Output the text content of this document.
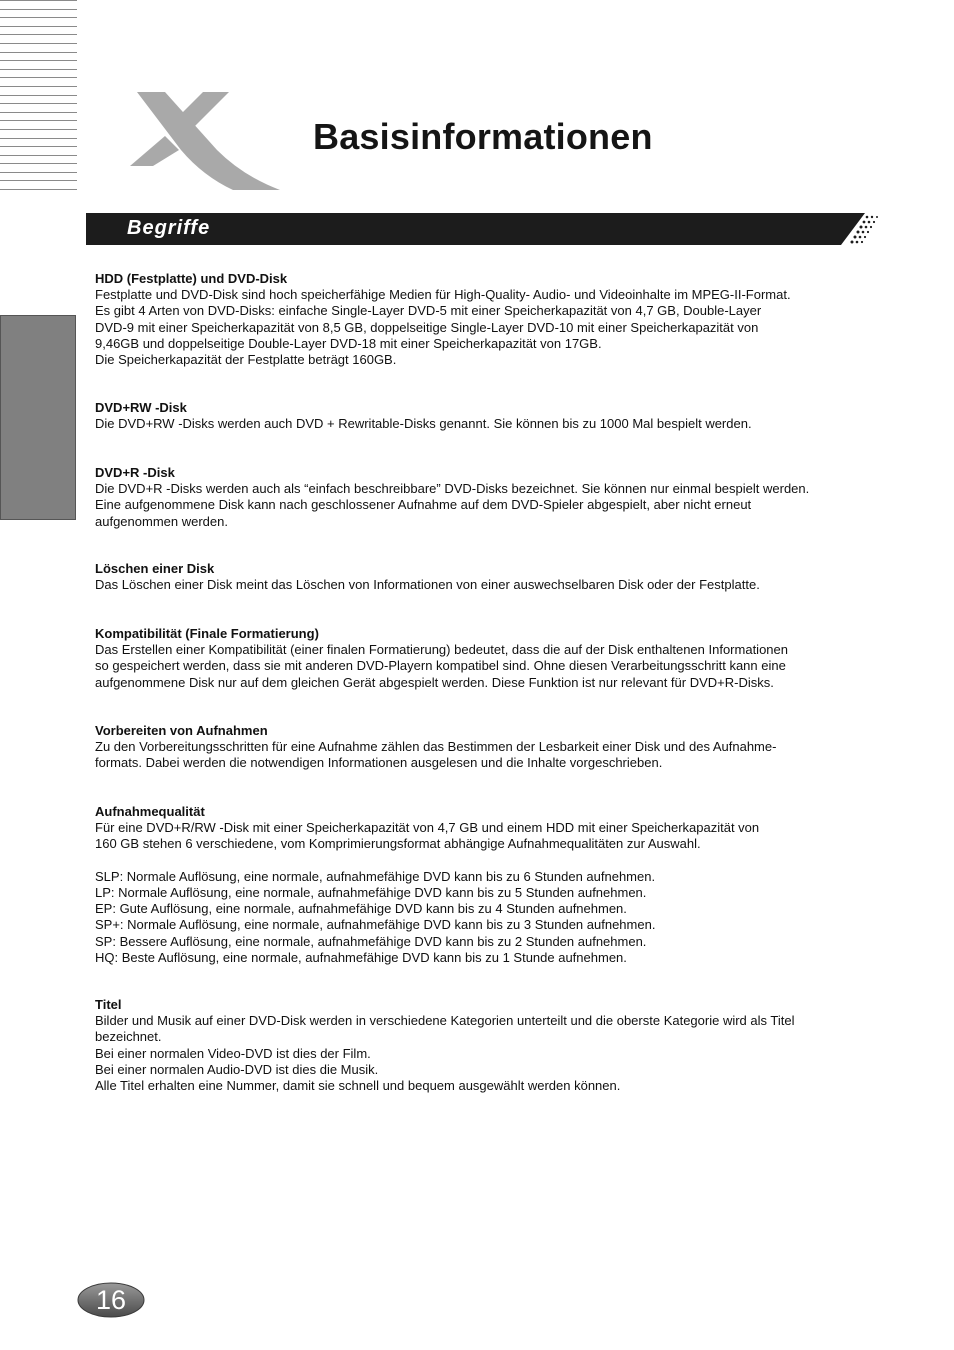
Basisinformationen
Begriffe
HDD (Festplatte) und DVD-Disk
Festplatte und DVD-Disk sind hoch speicherfähige Medien für High-Quality- Audio- und Videoinhalte im MPEG-II-Format.
Es gibt 4 Arten von DVD-Disks: einfache Single-Layer DVD-5 mit einer Speicherkapazität von 4,7 GB, Double-Layer
DVD-9 mit einer Speicherkapazität von 8,5 GB, doppelseitige Single-Layer DVD-10 mit einer Speicherkapazität von
9,46GB und doppelseitige Double-Layer DVD-18 mit einer Speicherkapazität von 17GB.
Die Speicherkapazität der Festplatte beträgt 160GB.
DVD+RW -Disk
Die DVD+RW -Disks werden auch DVD + Rewritable-Disks genannt. Sie können bis zu 1000 Mal bespielt werden.
DVD+R -Disk
Die DVD+R -Disks werden auch als “einfach beschreibbare” DVD-Disks bezeichnet. Sie können nur einmal bespielt werden.
Eine aufgenommene Disk kann nach geschlossener Aufnahme auf dem DVD-Spieler abgespielt, aber nicht erneut
aufgenommen werden.
Löschen einer Disk
Das Löschen einer Disk meint das Löschen von Informationen von einer auswechselbaren Disk oder der Festplatte.
Kompatibilität (Finale Formatierung)
Das Erstellen einer Kompatibilität (einer finalen Formatierung) bedeutet, dass die auf der Disk enthaltenen Informationen
so gespeichert werden, dass sie mit anderen DVD-Playern kompatibel sind. Ohne diesen Verarbeitungsschritt kann eine
aufgenommene Disk nur auf dem gleichen Gerät abgespielt werden. Diese Funktion ist nur relevant für DVD+R-Disks.
Vorbereiten von Aufnahmen
Zu den Vorbereitungsschritten für eine Aufnahme zählen das Bestimmen der Lesbarkeit einer Disk und des Aufnahme-
formats. Dabei werden die notwendigen Informationen ausgelesen und die Inhalte vorgeschrieben.
Aufnahmequalität
Für eine DVD+R/RW -Disk mit einer Speicherkapazität von 4,7 GB und einem HDD mit einer Speicherkapazität von
160 GB stehen 6 verschiedene, vom Komprimierungsformat abhängige Aufnahmequalitäten zur Auswahl.
SLP: Normale Auflösung, eine normale, aufnahmefähige DVD kann bis zu 6 Stunden aufnehmen.
LP: Normale Auflösung, eine normale, aufnahmefähige DVD kann bis zu 5 Stunden aufnehmen.
EP: Gute Auflösung, eine normale, aufnahmefähige DVD kann bis zu 4 Stunden aufnehmen.
SP+: Normale Auflösung, eine normale, aufnahmefähige DVD kann bis zu 3 Stunden aufnehmen.
SP: Bessere Auflösung, eine normale, aufnahmefähige DVD kann bis zu 2 Stunden aufnehmen.
HQ: Beste Auflösung, eine normale, aufnahmefähige DVD kann bis zu 1 Stunde aufnehmen.
Titel
Bilder und Musik auf einer DVD-Disk werden in verschiedene Kategorien unterteilt und die oberste Kategorie wird als Titel
bezeichnet.
Bei einer normalen Video-DVD ist dies der Film.
Bei einer normalen Audio-DVD ist dies die Musik.
Alle Titel erhalten eine Nummer, damit sie schnell und bequem ausgewählt werden können.
16
